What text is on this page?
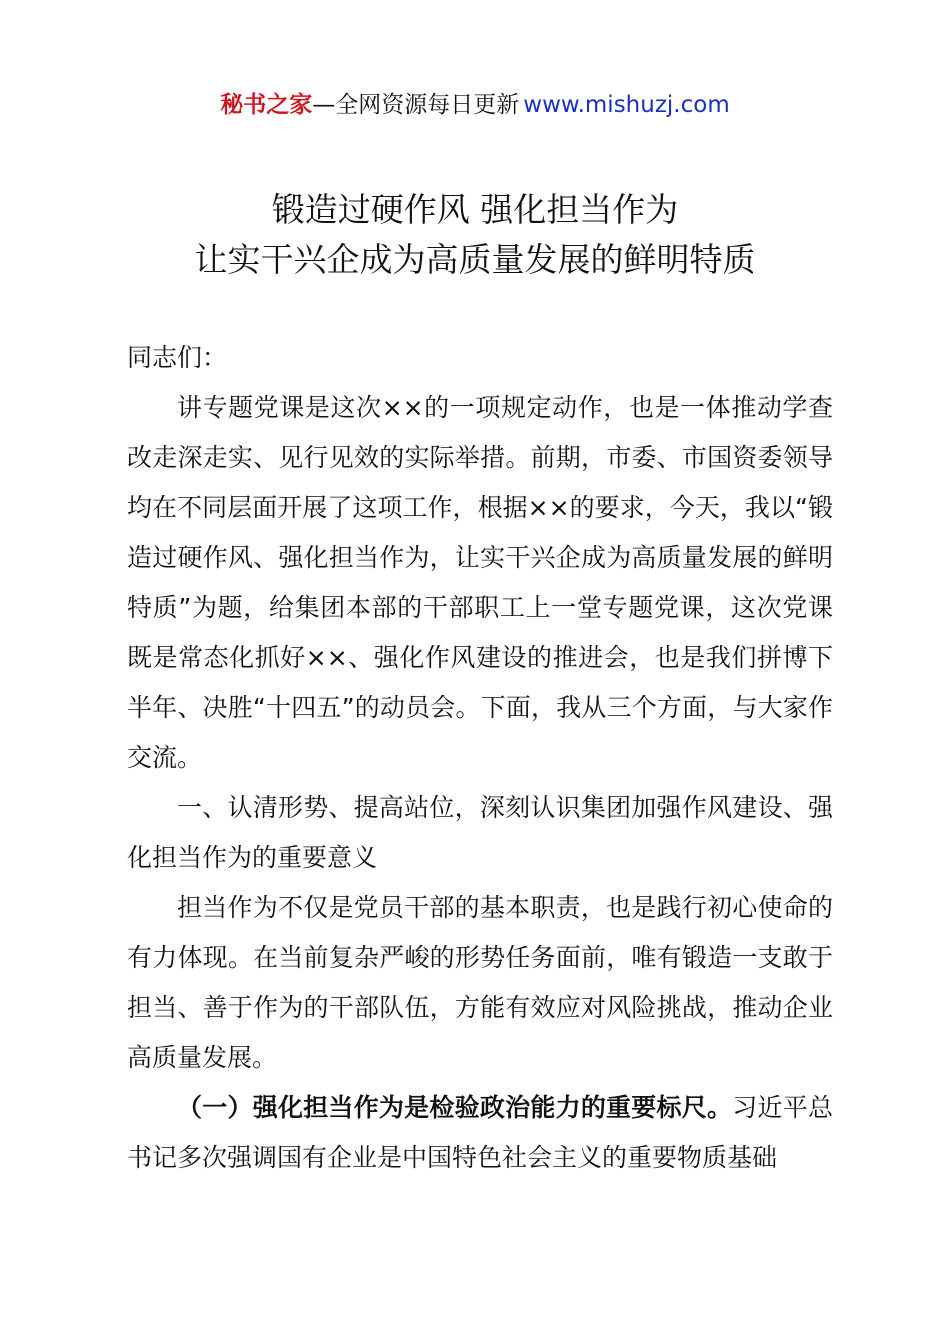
秘书之家—全网资源每日更新 www.mishuzj.com
锻造过硬作风 强化担当作为
让实干兴企成为高质量发展的鲜明特质

同志们：

讲专题党课是这次××的一项规定动作，也是一体推动学查改走深走实、见行见效的实际举措。前期，市委、市国资委领导均在不同层面开展了这项工作，根据××的要求，今天，我以“锻造过硬作风、强化担当作为，让实干兴企成为高质量发展的鲜明特质”为题，给集团本部的干部职工上一堂专题党课，这次党课既是常态化抓好××、强化作风建设的推进会，也是我们拼博下半年、决胜“十四五”的动员会。下面，我从三个方面，与大家作交流。

一、认清形势、提高站位，深刻认识集团加强作风建设、强化担当作为的重要意义

担当作为不仅是党员干部的基本职责，也是践行初心使命的有力体现。在当前复杂严峻的形势任务面前，唯有锻造一支敢于担当、善于作为的干部队伍，方能有效应对风险挑战，推动企业高质量发展。

（一）强化担当作为是检验政治能力的重要标尺。习近平总书记多次强调国有企业是中国特色社会主义的重要物质基础
